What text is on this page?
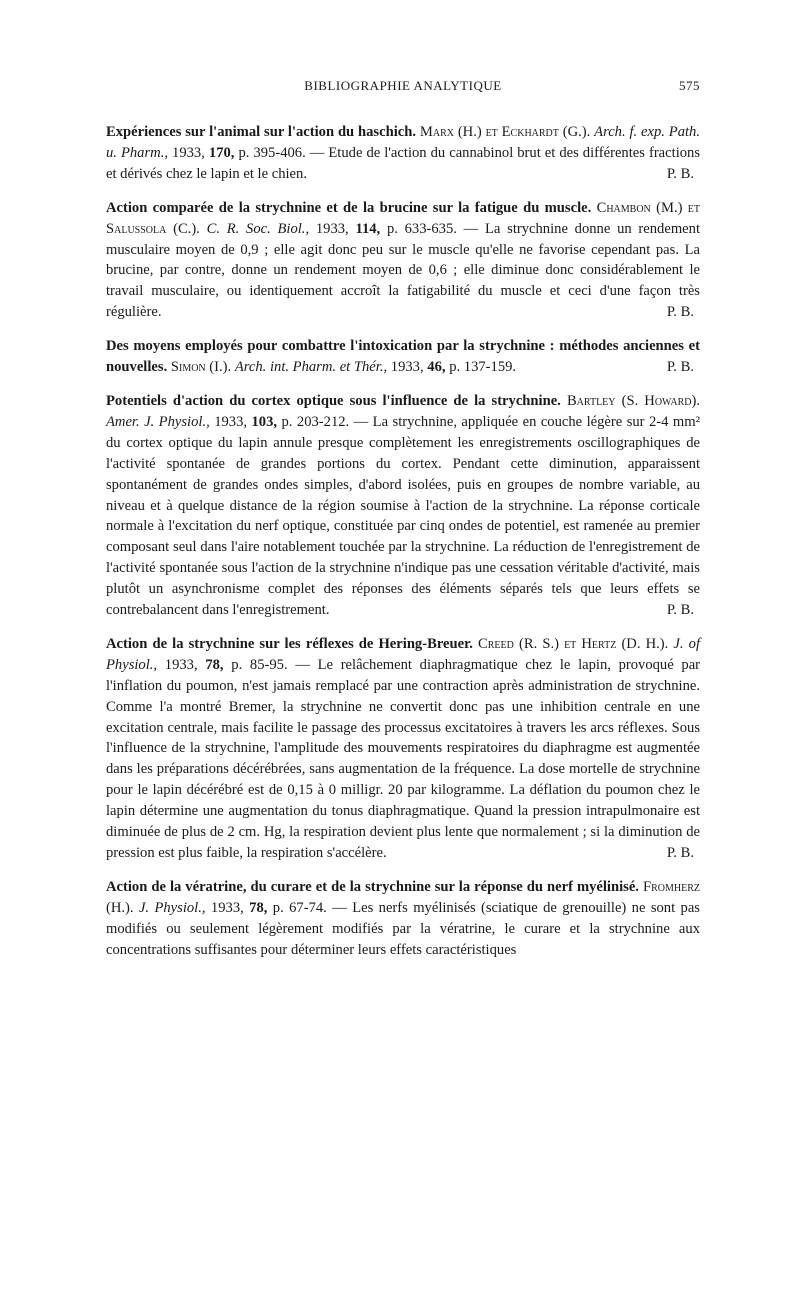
BIBLIOGRAPHIE ANALYTIQUE	575

Expériences sur l'animal sur l'action du haschich. Marx (H.) et Eckhardt (G.). Arch. f. exp. Path. u. Pharm., 1933, 170, p. 395-406. — Etude de l'action du cannabinol brut et des différentes fractions et dérivés chez le lapin et le chien.	P. B.

Action comparée de la strychnine et de la brucine sur la fatigue du muscle. Chambon (M.) et Salussola (C.). C. R. Soc. Biol., 1933, 114, p. 633-635. — La strychnine donne un rendement musculaire moyen de 0,9 ; elle agit donc peu sur le muscle qu'elle ne favorise cependant pas. La brucine, par contre, donne un rendement moyen de 0,6 ; elle diminue donc considérablement le travail musculaire, ou identiquement accroît la fatigabilité du muscle et ceci d'une façon très régulière.	P. B.

Des moyens employés pour combattre l'intoxication par la strychnine : méthodes anciennes et nouvelles. Simon (I.). Arch. int. Pharm. et Thér., 1933, 46, p. 137-159.	P. B.

Potentiels d'action du cortex optique sous l'influence de la strychnine. Bartley (S. Howard). Amer. J. Physiol., 1933, 103, p. 203-212. — La strychnine, appliquée en couche légère sur 2-4 mm² du cortex optique du lapin annule presque complètement les enregistrements oscillographiques de l'activité spontanée de grandes portions du cortex. Pendant cette diminution, apparaissent spontanément de grandes ondes simples, d'abord isolées, puis en groupes de nombre variable, au niveau et à quelque distance de la région soumise à l'action de la strychnine. La réponse corticale normale à l'excitation du nerf optique, constituée par cinq ondes de potentiel, est ramenée au premier composant seul dans l'aire notablement touchée par la strychnine. La réduction de l'enregistrement de l'activité spontanée sous l'action de la strychnine n'indique pas une cessation véritable d'activité, mais plutôt un asynchronisme complet des réponses des éléments séparés tels que leurs effets se contrebalancent dans l'enregistrement.	P. B.

Action de la strychnine sur les réflexes de Hering-Breuer. Creed (R. S.) et Hertz (D. H.). J. of Physiol., 1933, 78, p. 85-95. — Le relâchement diaphragmatique chez le lapin, provoqué par l'inflation du poumon, n'est jamais remplacé par une contraction après administration de strychnine. Comme l'a montré Bremer, la strychnine ne convertit donc pas une inhibition centrale en une excitation centrale, mais facilite le passage des processus excitatoires à travers les arcs réflexes. Sous l'influence de la strychnine, l'amplitude des mouvements respiratoires du diaphragme est augmentée dans les préparations décérébrées, sans augmentation de la fréquence. La dose mortelle de strychnine pour le lapin décérébré est de 0,15 à 0 milligr. 20 par kilogramme. La déflation du poumon chez le lapin détermine une augmentation du tonus diaphragmatique. Quand la pression intrapulmonaire est diminuée de plus de 2 cm. Hg, la respiration devient plus lente que normalement ; si la diminution de pression est plus faible, la respiration s'accélère.	P. B.

Action de la vératrine, du curare et de la strychnine sur la réponse du nerf myélinisé. Fromherz (H.). J. Physiol., 1933, 78, p. 67-74. — Les nerfs myélinisés (sciatique de grenouille) ne sont pas modifiés ou seulement légèrement modifiés par la vératrine, le curare et la strychnine aux concentrations suffisantes pour déterminer leurs effets caractéristiques
